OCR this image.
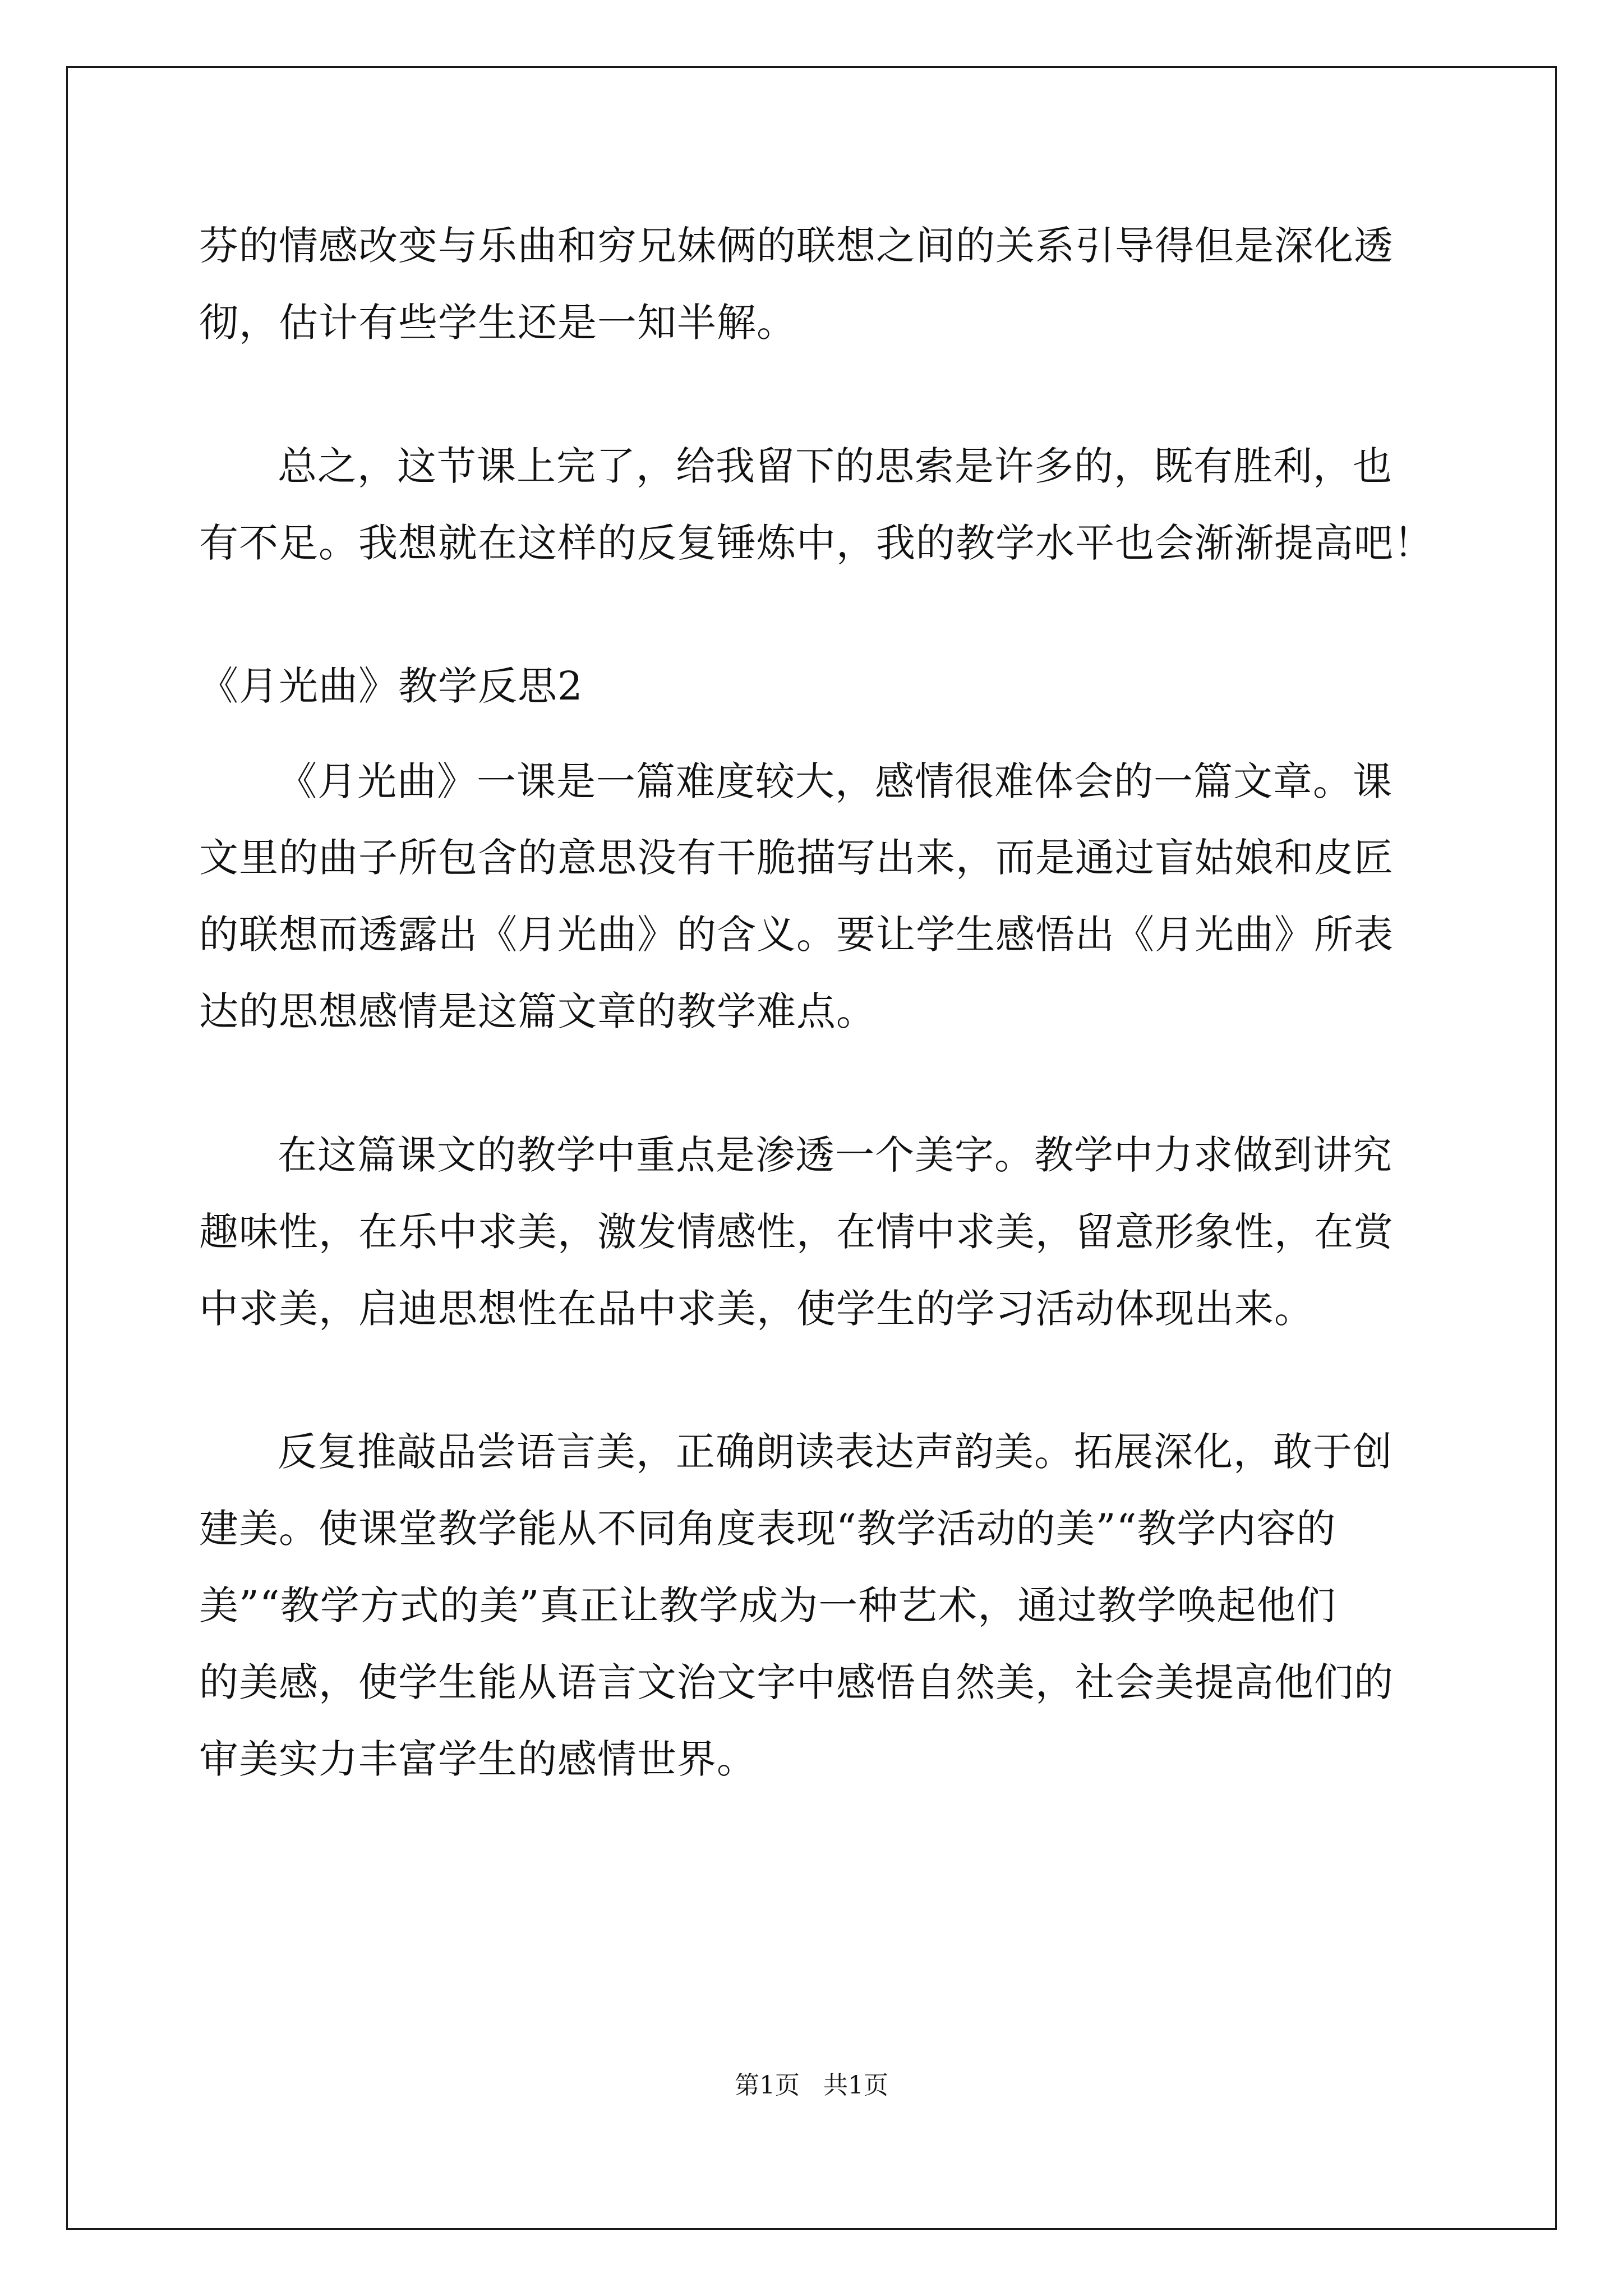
芬的情感改变与乐曲和穷兄妹俩的联想之间的关系引导得但是深化透
彻，估计有些学生还是一知半解。
总之，这节课上完了，给我留下的思索是许多的，既有胜利，也
有不足。我想就在这样的反复锤炼中，我的教学水平也会渐渐提高吧！
《月光曲》教学反思2
《月光曲》一课是一篇难度较大，感情很难体会的一篇文章。课
文里的曲子所包含的意思没有干脆描写出来，而是通过盲姑娘和皮匠
的联想而透露出《月光曲》的含义。要让学生感悟出《月光曲》所表
达的思想感情是这篇文章的教学难点。
在这篇课文的教学中重点是渗透一个美字。教学中力求做到讲究
趣味性，在乐中求美，激发情感性，在情中求美，留意形象性，在赏
中求美，启迪思想性在品中求美，使学生的学习活动体现出来。
反复推敲品尝语言美，正确朗读表达声韵美。拓展深化，敢于创
建美。使课堂教学能从不同角度表现“教学活动的美”“教学内容的
美”“教学方式的美”真正让教学成为一种艺术，通过教学唤起他们
的美感，使学生能从语言文治文字中感悟自然美，社会美提高他们的
审美实力丰富学生的感情世界。
第1页   共1页
